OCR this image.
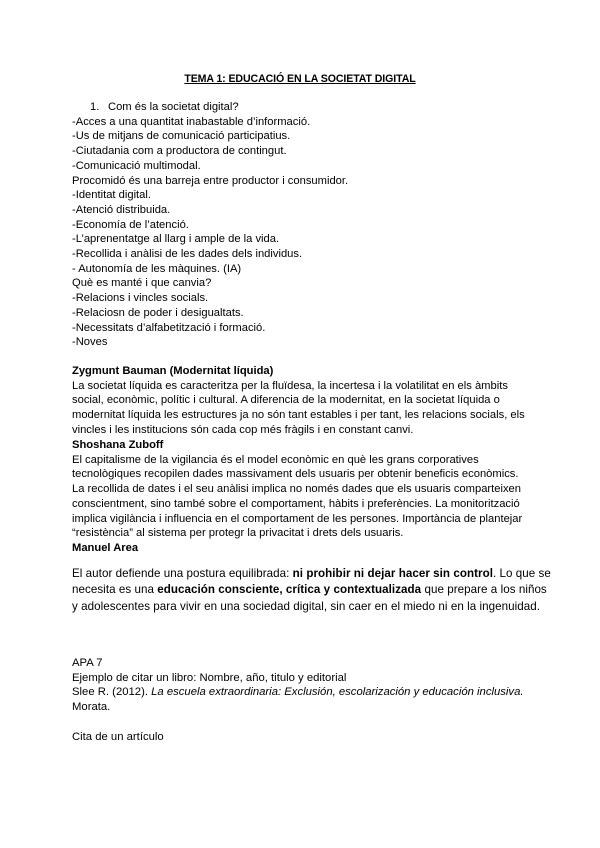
TEMA 1: EDUCACIÓ EN LA SOCIETAT DIGITAL
1. Com és la societat digital?
-Acces a una quantitat inabastable d’informació.
-Us de mitjans de comunicació participatius.
-Ciutadania com a productora de contingut.
-Comunicació multimodal.
Procomidó és una barreja entre productor i consumidor.
-Identitat digital.
-Atenció distribuida.
-Economía de l’atenció.
-L’aprenentatge al llarg i ample de la vida.
-Recollida i anàlisi de les dades dels individus.
- Autonomía de les màquines. (IA)
Què es manté i que canvia?
-Relacions i vincles socials.
-Relaciosn de poder i desigualtats.
-Necessitats d’alfabetització i formació.
-Noves
Zygmunt Bauman (Modernitat líquida)
La societat líquida es caracteritza per la fluïdesa, la incertesa i la volatilitat en els àmbits
social, econòmic, polític i cultural. A diferencia de la modernitat, en la societat líquida o
modernitat líquida les estructures ja no són tant estables i per tant, les relacions socials, els
vincles i les institucions són cada cop més fràgils i en constant canvi.
Shoshana Zuboff
El capitalisme de la vigilancia és el model econòmic en què les grans corporatives
tecnològiques recopilen dades massivament dels usuaris per obtenir beneficis econòmics.
La recollida de dates i el seu anàlisi implica no només dades que els usuaris comparteixen
conscientment, sino també sobre el comportament, hàbits i preferències. La monitorització
implica vigilància i influencia en el comportament de les persones. Importància de plantejar
“resistència” al sistema per protegr la privacitat i drets dels usuaris.
Manuel Area
El autor defiende una postura equilibrada: ni prohibir ni dejar hacer sin control. Lo que se
necesita es una educación consciente, crítica y contextualizada que prepare a los niños
y adolescentes para vivir en una sociedad digital, sin caer en el miedo ni en la ingenuidad.
APA 7
Ejemplo de citar un libro: Nombre, año, titulo y editorial
Slee R. (2012). La escuela extraordinaria: Exclusión, escolarización y educación inclusiva.
Morata.
Cita de un artículo
